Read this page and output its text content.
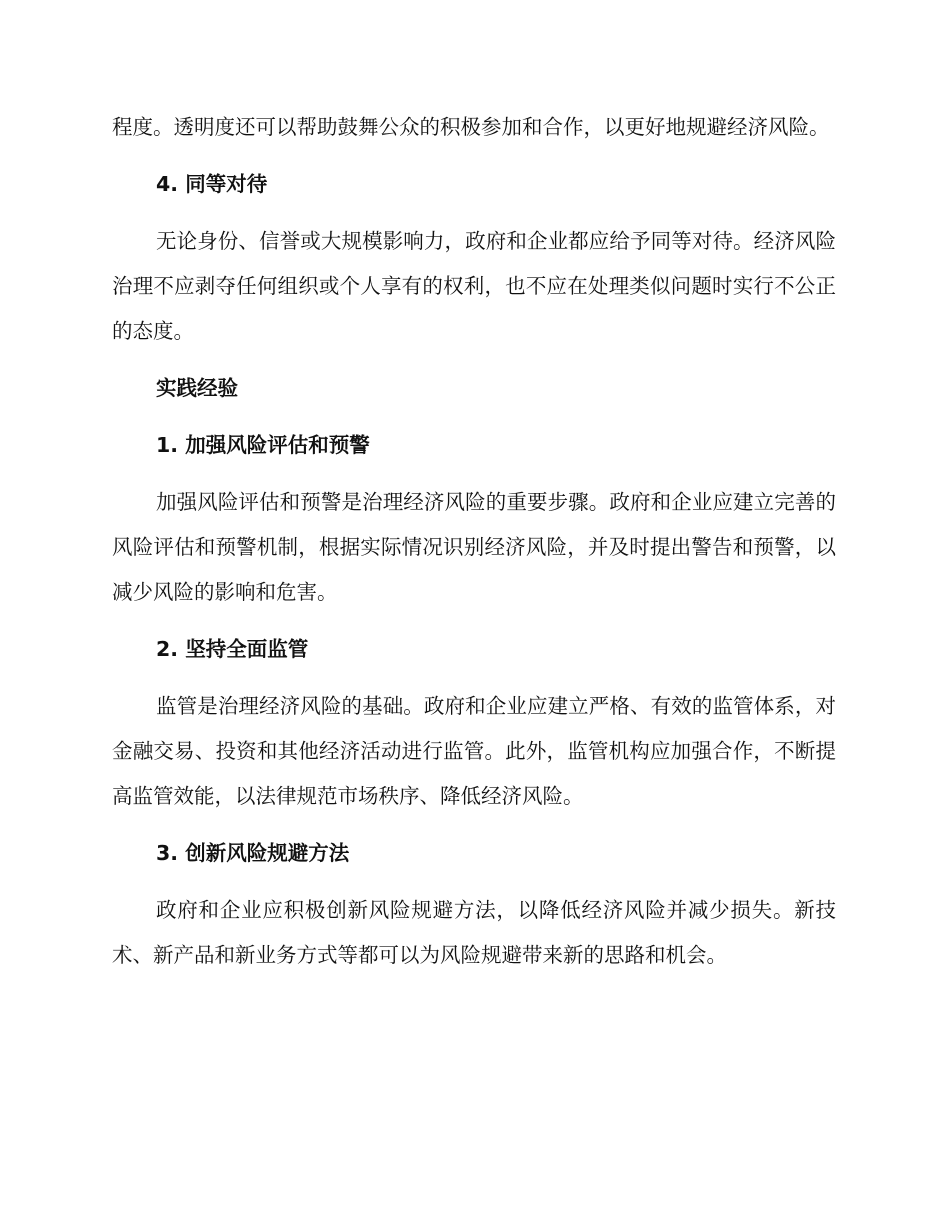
程度。透明度还可以帮助鼓舞公众的积极参加和合作，以更好地规避经济风险。

4. 同等对待

无论身份、信誉或大规模影响力，政府和企业都应给予同等对待。经济风险治理不应剥夺任何组织或个人享有的权利，也不应在处理类似问题时实行不公正的态度。

实践经验

1. 加强风险评估和预警

加强风险评估和预警是治理经济风险的重要步骤。政府和企业应建立完善的风险评估和预警机制，根据实际情况识别经济风险，并及时提出警告和预警，以减少风险的影响和危害。

2. 坚持全面监管

监管是治理经济风险的基础。政府和企业应建立严格、有效的监管体系，对金融交易、投资和其他经济活动进行监管。此外，监管机构应加强合作，不断提高监管效能，以法律规范市场秩序、降低经济风险。

3. 创新风险规避方法

政府和企业应积极创新风险规避方法，以降低经济风险并减少损失。新技术、新产品和新业务方式等都可以为风险规避带来新的思路和机会。
